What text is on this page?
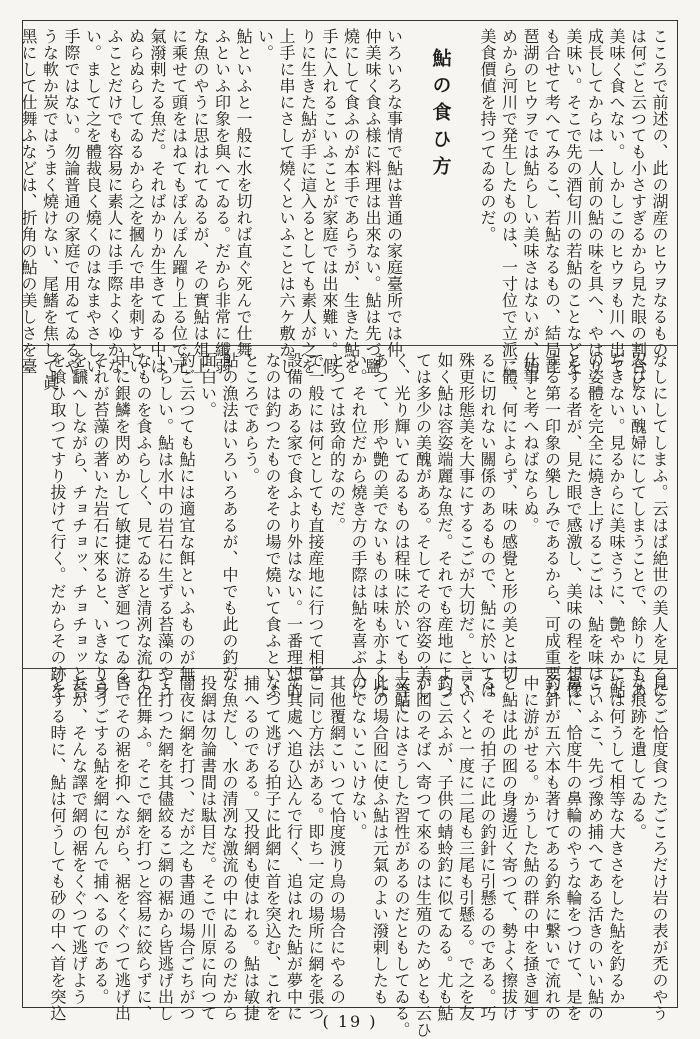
こころで前述の、此の湖産のヒウヲなるもの
は何ごと云つても小さすぎるから見た眼の割合に
美味く食へない。しかしこのヒウヲも川へ出て
成長してからは一人前の鮎の味を具へ、やはり
美味い。そこで先の酒匂川の若鮎のことなどを
も合せて考へてみるこ、若鮎なるもの、結局琵
琶湖のヒウヲでは鮎らしい美味さはないが、始
めから河川で発生したものは、一寸位で立派に
美食價値を持つてゐるのだ。
鮎の食ひ方
いろいろな事情で鮎は普通の家庭臺所では仲
仲美味く食ふ様に料理は出來ない。鮎は先づ鹽
燒にして食ふのが本手であらうが、生きた鮎を
手に入れるこいふことが家庭では出來難い。假
りに生きた鮎が手に這入るとしても素人が之を
上手に串にさして燒くといふことは六ケ敷かし
い。
鮎といふと一般に水を切れば直ぐ死んで仕舞
ふといふ印象を與へてゐる。だから非常に纖弱
な魚のやうに思はれてゐるが、その實鮎は俎上
に乘せて頭をはねてもぽんぽん躍り上る位で元
氣潑剌たる魚だ。そればかりか生きてゐる中は
ぬらぬらしてゐるから之を摑んで串を刺すとい
ふことだけでも容易に素人には手際よくゆかな
い。まして之を體裁良く燒くのはなまやさしい
手際ではない。勿論普通の家庭で用ゐてゐるや
うな軟か炭ではうまく燒けない、尾鰭を焦して眞
黑にして仕舞ふなどは、折角の鮎の美しさを臺
なしにしてしまふ。云はば絶世の美人を見るに
忍びない醜婦にしてしまうことで、餘りにもあ
ぢきない。見るからに美味さうに、艶やかに鮎
の姿體を完全に燒き上げるこごは、鮎を味はう
とする者が、見た眼で感激し、美味の程を想像
する第一印象の樂しみであるから、可成重要な
仕事と考へねばならぬ。
一體、何によらず、味の感覺と形の美とは切
るに切れない關係のあるもので、鮎に於いては
殊更形態美を大事にするこごが大切だ。と言ふ
如く鮎は容姿端麗な魚だ。それでも産地によつ
ては多少の美醜がある。そしてその容姿の美し
く、光り輝いてゐるものは程味に於いても上等で
あつて、形や艶の美でないものは味も亦よくな
い。それ位だから燒き方の手際は鮎を喜ぶ人に
とつては致命的なのだ。
で一般には何としても直接産地に行つて相當
設備のある家で食ふより外はない。一番理想的
なのは釣つたものをその場で燒いて食ふといふ
ところであらう。
鮎の漁法はいろいろあるが、中でも此の釣が
面白い。
釣ご云つても鮎には適宜な餌といふものが無
いらしい。鮎は水中の岩石に生ずる苔藻のやう
なものを食ふらしく、見てゐると清冽な流れの
中に銀鱗を閃めかして敏捷に游ぎ廻つてゐる、
それが苔藻の著いた岩石に來ると、いきなり身
を飜へしながら、チョチョッ、チョチョッと苔
を喰ひ取つてすり拔けて行く。だからその跡を
見るご恰度食つたごころだけ岩の表が禿のやう
な痕跡を遺してゐる。
では何うして相等な大きさをした鮎を釣るか
こいふこ、先づ豫め捕へてある活きのいい鮎の
鼻に、恰度牛の鼻輪のやうな輪をつけて、是を
釣針が五六本も著けてある釣糸に繋いで流れの
中に游がせる。かうした鮎の群の中を掻き廻す
と鮎は此の囮の身邊近く寄つて、勢よく擦拔け
る。その拍子に此の釣針に引懸るのである。巧
くいくと一度に二尾も三尾も引懸る。で之を友
釣ご云ふが、子供の蜻蛉釣に似てゐる。尤も鮎
が囮のそばへ寄つて來るのは生殖のためとも云ひ
又鮎にはさうした習性があるのだともしてゐる。
此の場合囮に使ふ鮎は元氣のよい潑剌したも
のでないこいけない。
其他覆網こいつて恰度渡り鳥の場合にやるの
ご同じ方法がある。即ち一定の場所に網を張つ
て其處へ追ひ込んで行く、追はれた鮎が夢中に
なつて逃げる拍子に此網に首を突込む、これを
捕へるのである。又投網も使はれる。鮎は敏捷
な魚だし、水の清冽な激流の中にゐるのだから
投網は勿論書間は駄目だ。そこで川原に向つて
闇夜に網を打つ、だが之も書通の場合ごちがつ
て打つた網を其儘絞るこ網の裾から皆逃げ出し
て仕舞ふ。そこで網を打つと容易に絞らずに、
皆でその裾を抑へながら、裾をくぐつて逃げ出
さうごする鮎を網に包んで捕へるのである。
だが、そんな譯で網の裾をくぐつて逃げよう
とする時に、鮎は何うしても砂の中へ首を突込	( 19 )
